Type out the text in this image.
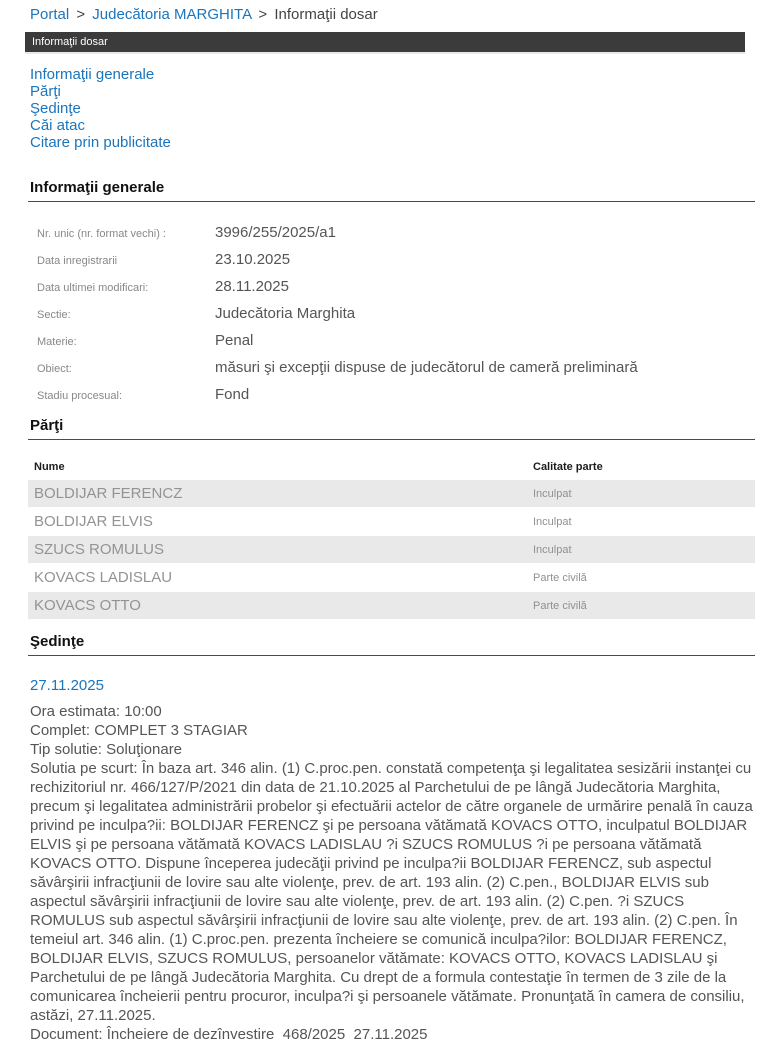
Portal > Judecătoria MARGHITA > Informaţii dosar
Informaţii dosar
Informaţii generale
Părţi
Şedinţe
Căi atac
Citare prin publicitate
Informaţii generale
Nr. unic (nr. format vechi) :	3996/255/2025/a1
Data inregistrarii	23.10.2025
Data ultimei modificari:	28.11.2025
Sectie:	Judecătoria Marghita
Materie:	Penal
Obiect:	măsuri şi excepţii dispuse de judecătorul de cameră preliminară
Stadiu procesual:	Fond
Părţi
Nume	Calitate parte
BOLDIJAR FERENCZ	Inculpat
BOLDIJAR ELVIS	Inculpat
SZUCS ROMULUS	Inculpat
KOVACS LADISLAU	Parte civilă
KOVACS OTTO	Parte civilă
Şedinţe
27.11.2025
Ora estimata: 10:00
Complet: COMPLET 3 STAGIAR
Tip solutie: Soluţionare
Solutia pe scurt: În baza art. 346 alin. (1) C.proc.pen. constată competenţa şi legalitatea sesizării instanţei cu rechizitoriul nr. 466/127/P/2021 din data de 21.10.2025 al Parchetului de pe lângă Judecătoria Marghita, precum şi legalitatea administrării probelor şi efectuării actelor de către organele de urmărire penală în cauza privind pe inculpa?ii: BOLDIJAR FERENCZ şi pe persoana vătămată KOVACS OTTO, inculpatul BOLDIJAR ELVIS şi pe persoana vătămată KOVACS LADISLAU ?i SZUCS ROMULUS ?i pe persoana vătămată KOVACS OTTO. Dispune începerea judecăţii privind pe inculpa?ii BOLDIJAR FERENCZ, sub aspectul săvârşirii infracţiunii de lovire sau alte violenţe, prev. de art. 193 alin. (2) C.pen., BOLDIJAR ELVIS sub aspectul săvârşirii infracţiunii de lovire sau alte violenţe, prev. de art. 193 alin. (2) C.pen. ?i SZUCS ROMULUS sub aspectul săvârşirii infracţiunii de lovire sau alte violenţe, prev. de art. 193 alin. (2) C.pen. În temeiul art. 346 alin. (1) C.proc.pen. prezenta încheiere se comunică inculpa?ilor: BOLDIJAR FERENCZ, BOLDIJAR ELVIS, SZUCS ROMULUS, persoanelor vătămate: KOVACS OTTO, KOVACS LADISLAU şi Parchetului de pe lângă Judecătoria Marghita. Cu drept de a formula contestaţie în termen de 3 zile de la comunicarea încheierii pentru procuror, inculpa?i şi persoanele vătămate. Pronunţată în camera de consiliu, astăzi, 27.11.2025.
Document: Încheiere de dezînvestire  468/2025  27.11.2025
